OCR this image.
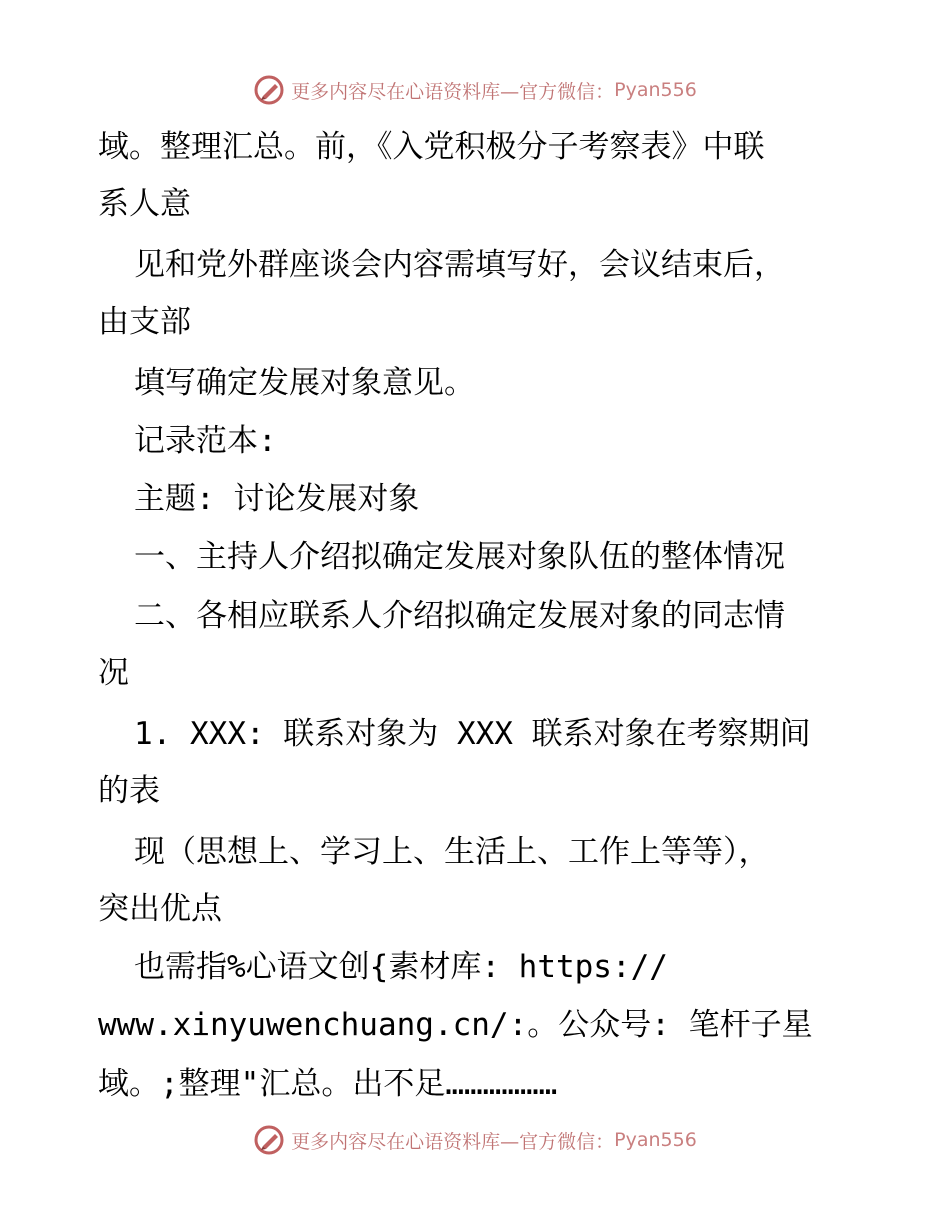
更多内容尽在心语资料库—官方微信： Pyan556
域。整理汇总。前，《入党积极分子考察表》中联
系人意
见和党外群座谈会内容需填写好，会议结束后，
由支部
填写确定发展对象意见。
记录范本:
主题: 讨论发展对象
一、主持人介绍拟确定发展对象队伍的整体情况
二、各相应联系人介绍拟确定发展对象的同志情
况
1. XXX: 联系对象为 XXX 联系对象在考察期间
的表
现（思想上、学习上、生活上、工作上等等），
突出优点
也需指%心语文创{素材库: https://
www.xinyuwenchuang.cn/:。公众号: 笔杆子星
域。;整理"汇总。出不足………………
更多内容尽在心语资料库—官方微信： Pyan556
